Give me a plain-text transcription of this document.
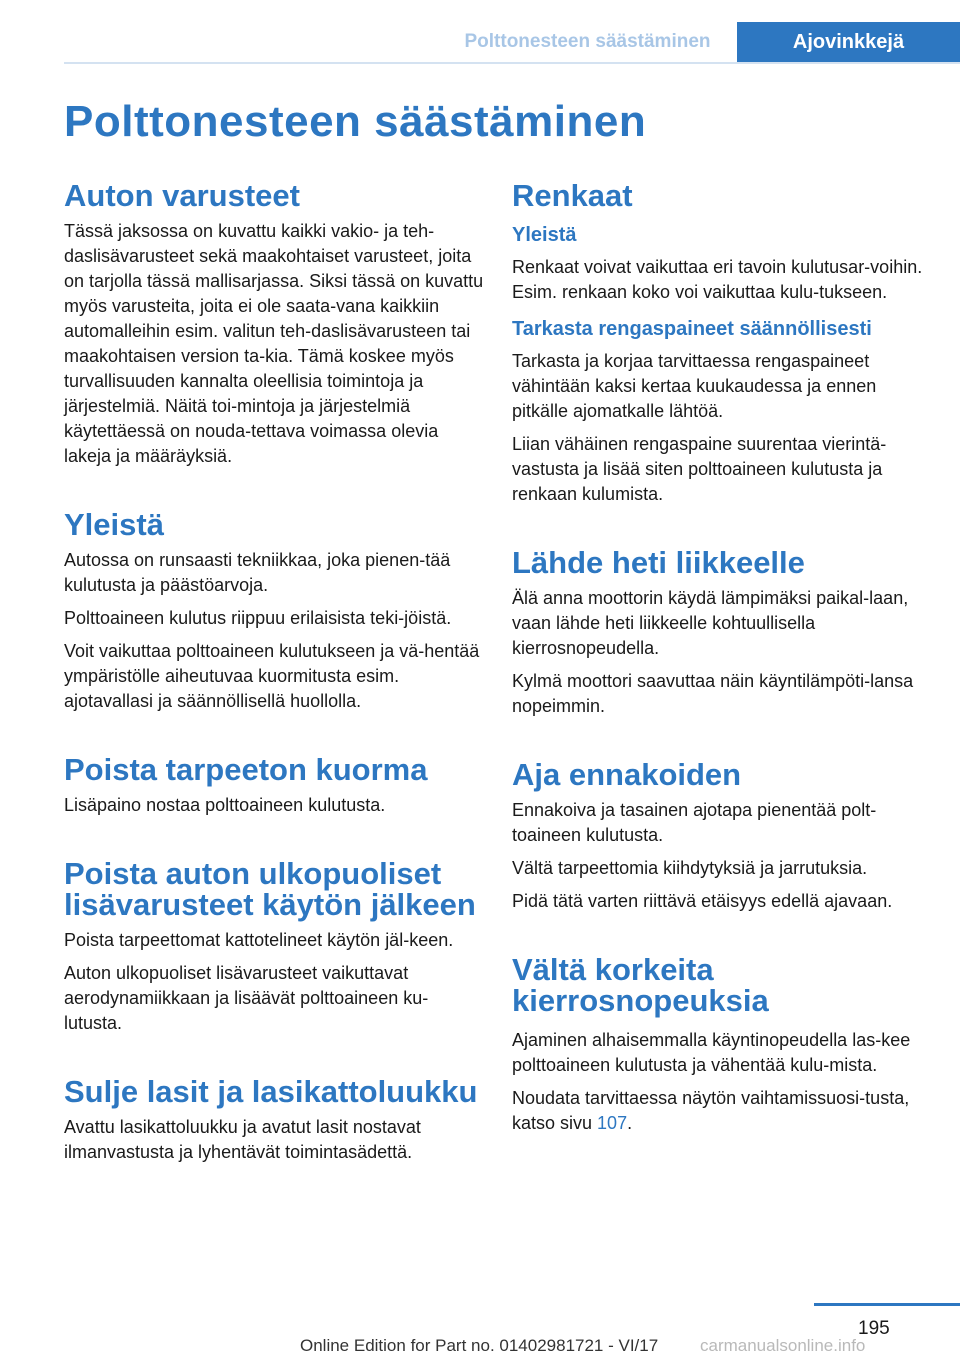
Polttonesteen säästäminen	Ajovinkkejä
Polttonesteen säästäminen
Auton varusteet

Tässä jaksossa on kuvattu kaikki vakio- ja teh‐daslisävarusteet sekä maakohtaiset varusteet, joita on tarjolla tässä mallisarjassa. Siksi tässä on kuvattu myös varusteita, joita ei ole saata‐vana kaikkiin automalleihin esim. valitun teh‐daslisävarusteen tai maakohtaisen version ta‐kia. Tämä koskee myös turvallisuuden kannalta oleellisia toimintoja ja järjestelmiä. Näitä toi‐mintoja ja järjestelmiä käytettäessä on nouda‐tettava voimassa olevia lakeja ja määräyksiä.

Yleistä

Autossa on runsaasti tekniikkaa, joka pienen‐tää kulutusta ja päästöarvoja.

Polttoaineen kulutus riippuu erilaisista teki‐jöistä.

Voit vaikuttaa polttoaineen kulutukseen ja vä‐hentää ympäristölle aiheutuvaa kuormitusta esim. ajotavallasi ja säännöllisellä huollolla.

Poista tarpeeton kuorma

Lisäpaino nostaa polttoaineen kulutusta.

Poista auton ulkopuoliset lisävarusteet käytön jälkeen

Poista tarpeettomat kattotelineet käytön jäl‐keen.

Auton ulkopuoliset lisävarusteet vaikuttavat aerodynamiikkaan ja lisäävät polttoaineen ku‐lutusta.

Sulje lasit ja lasikattoluukku

Avattu lasikattoluukku ja avatut lasit nostavat ilmanvastusta ja lyhentävät toimintasädettä.

Renkaat
Yleistä

Renkaat voivat vaikuttaa eri tavoin kulutusar‐voihin. Esim. renkaan koko voi vaikuttaa kulu‐tukseen.

Tarkasta rengaspaineet säännöllisesti

Tarkasta ja korjaa tarvittaessa rengaspaineet vähintään kaksi kertaa kuukaudessa ja ennen pitkälle ajomatkalle lähtöä.

Liian vähäinen rengaspaine suurentaa vierintä‐vastusta ja lisää siten polttoaineen kulutusta ja renkaan kulumista.

Lähde heti liikkeelle

Älä anna moottorin käydä lämpimäksi paikal‐laan, vaan lähde heti liikkeelle kohtuullisella kierrosnopeudella.

Kylmä moottori saavuttaa näin käyntilämpöti‐lansa nopeimmin.

Aja ennakoiden

Ennakoiva ja tasainen ajotapa pienentää polt‐toaineen kulutusta.

Vältä tarpeettomia kiihdytyksiä ja jarrutuksia.

Pidä tätä varten riittävä etäisyys edellä ajavaan.

Vältä korkeita kierrosnopeuksia

Ajaminen alhaisemmalla käyntinopeudella las‐kee polttoaineen kulutusta ja vähentää kulu‐mista.

Noudata tarvittaessa näytön vaihtamissuosi‐tusta, katso sivu 107.

195
Online Edition for Part no. 01402981721 - VI/17 carmanualsonline.info
